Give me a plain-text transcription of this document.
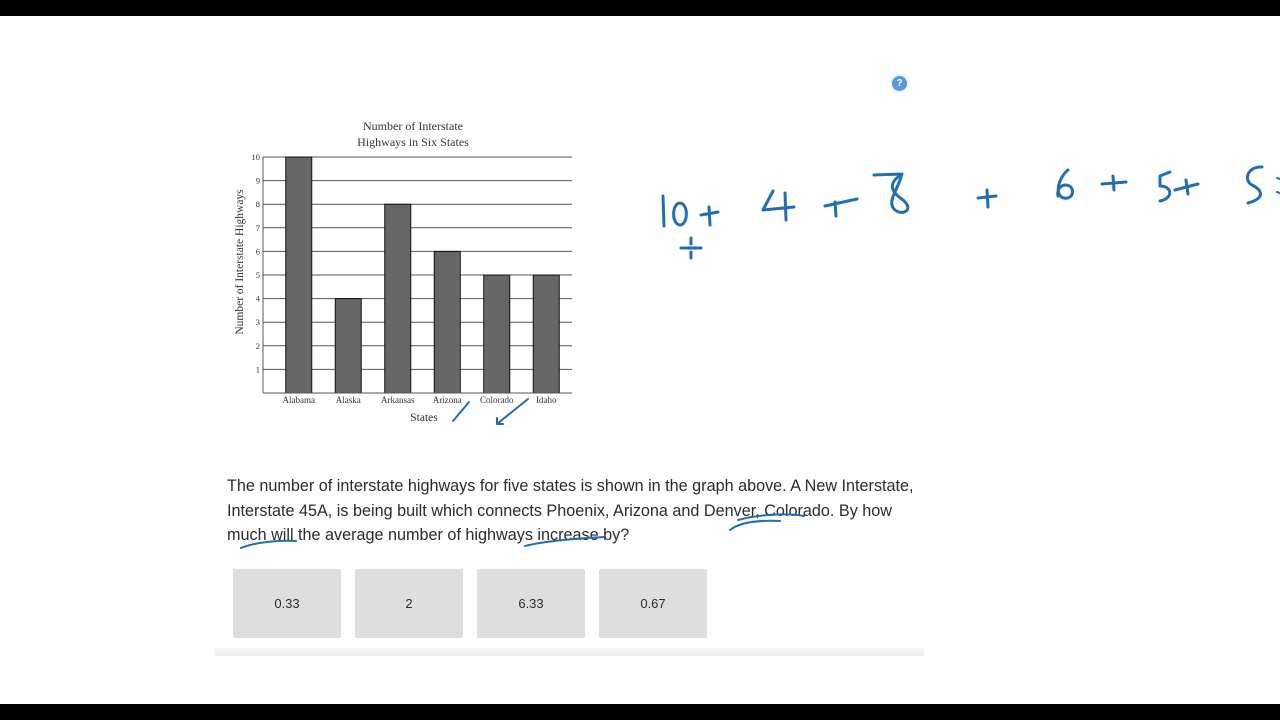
?
Number of Interstate
Highways in Six States
1
2
3
4
5
6
7
8
9
10
Alabama Alaska Arkansas Arizona Colorado	Idaho
States
Number of Interstate Highways
The number of interstate highways for five states is shown in the graph above. A New Interstate, Interstate 45A, is being built which connects Phoenix, Arizona and Denver, Colorado. By how much will the average number of highways increase by?
0.33	2	6.33	0.67
